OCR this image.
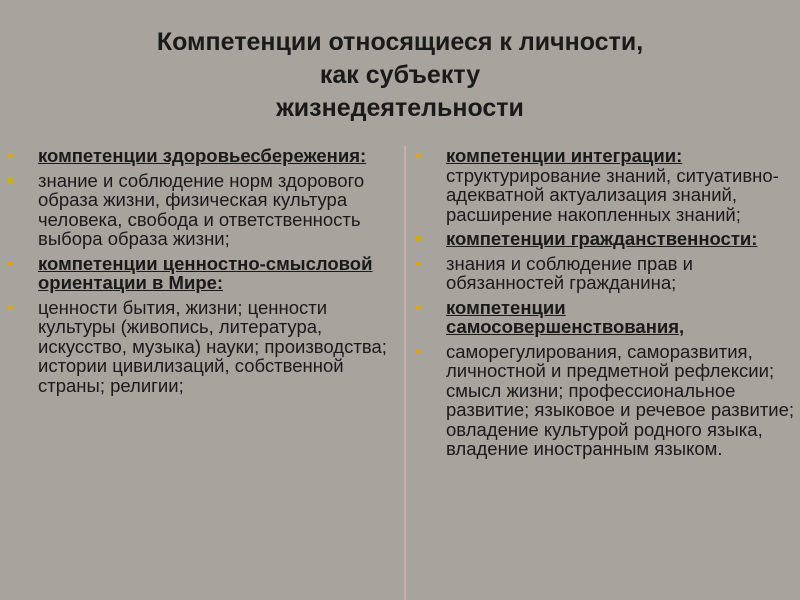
Компетенции относящиеся к личности,
как субъекту
жизнедеятельности
компетенции здоровьесбережения:
знание и соблюдение норм здорового образа жизни, физическая культура человека, свобода и ответственность выбора образа жизни;
компетенции ценностно-смысловой ориентации в Мире:
ценности бытия, жизни; ценности культуры (живопись, литература, искусство, музыка) науки; производства; истории цивилизаций, собственной страны; религии;
компетенции интеграции: структурирование знаний, ситуативно-адекватной актуализация знаний, расширение накопленных знаний;
компетенции гражданственности:
знания и соблюдение прав и обязанностей гражданина;
компетенции самосовершенствования,
саморегулирования, саморазвития, личностной и предметной рефлексии; смысл жизни; профессиональное развитие; языковое и речевое развитие; овладение культурой родного языка, владение иностранным языком.
